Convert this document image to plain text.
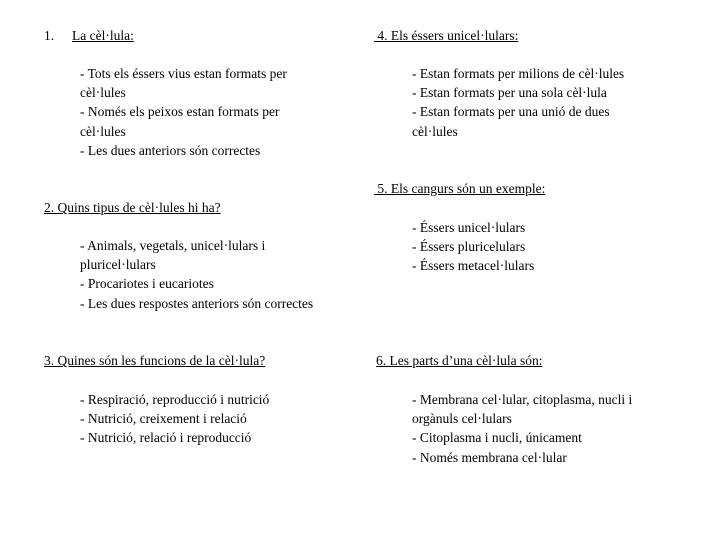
1. La cèl·lula:
- Tots els éssers vius estan formats per
cèl·lules
- Només els peixos estan formats per
cèl·lules
- Les dues anteriors són correctes
2. Quins tipus de cèl·lules hi ha?
- Animals, vegetals, unicel·lulars i
pluricel·lulars
- Procariotes i eucariotes
- Les dues respostes anteriors són correctes
3. Quines són les funcions de la cèl·lula?
- Respiració, reproducció i nutrició
- Nutrició, creixement i relació
- Nutrició, relació i reproducció
4. Els éssers unicel·lulars:
- Estan formats per milions de cèl·lules
- Estan formats per una sola cèl·lula
- Estan formats per una unió de dues
cèl·lules
5. Els cangurs són un exemple:
- Éssers unicel·lulars
- Éssers pluricelulars
- Éssers metacel·lulars
6. Les parts d’una cèl·lula són:
- Membrana cel·lular, citoplasma, nucli i
orgànuls cel·lulars
- Citoplasma i nucli, únicament
- Només membrana cel·lular
